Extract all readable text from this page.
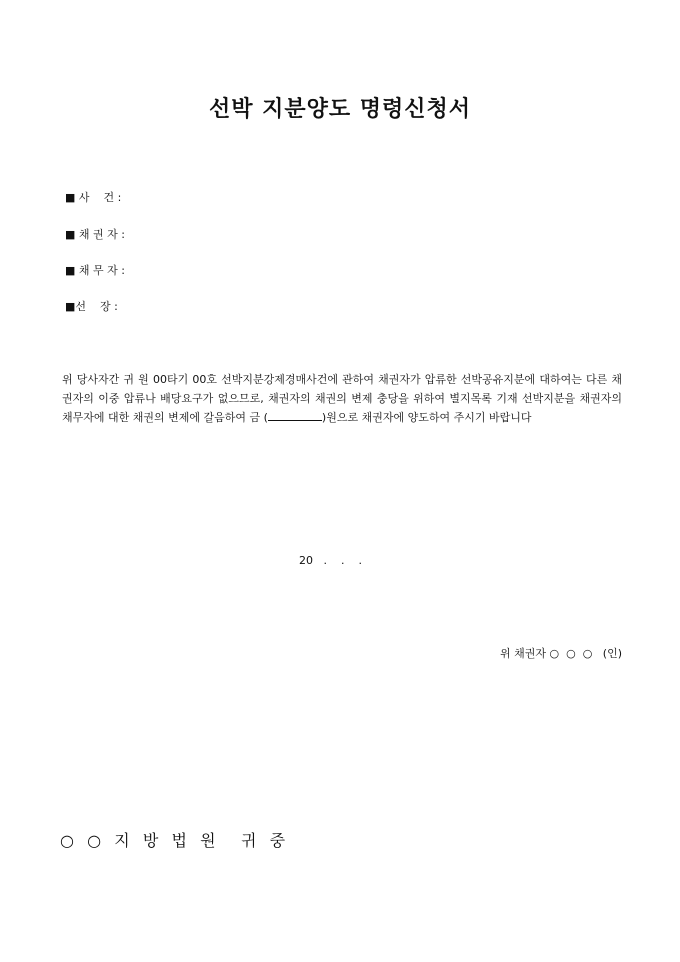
선박 지분양도 명령신청서
■ 사    건 :
■ 채 권 자 :
■ 채 무 자 :
■선    장 :
위 당사자간 귀 원 00타기 00호 선박지분강제경매사건에 관하여 채권자가 압류한 선박공유지분에 대하여는 다른 채권자의 이중 압류나 배당요구가 없으므로, 채권자의 채권의 변제 충당을 위하여 별지목록 기재 선박지분을 채권자의 채무자에 대한 채권의 변제에 갈음하여 금 (	)원으로 채권자에 양도하여 주시기 바랍니다
20   .    .    .
위 채권자 ○  ○  ○   (인)
○  ○  지  방  법  원    귀  중
